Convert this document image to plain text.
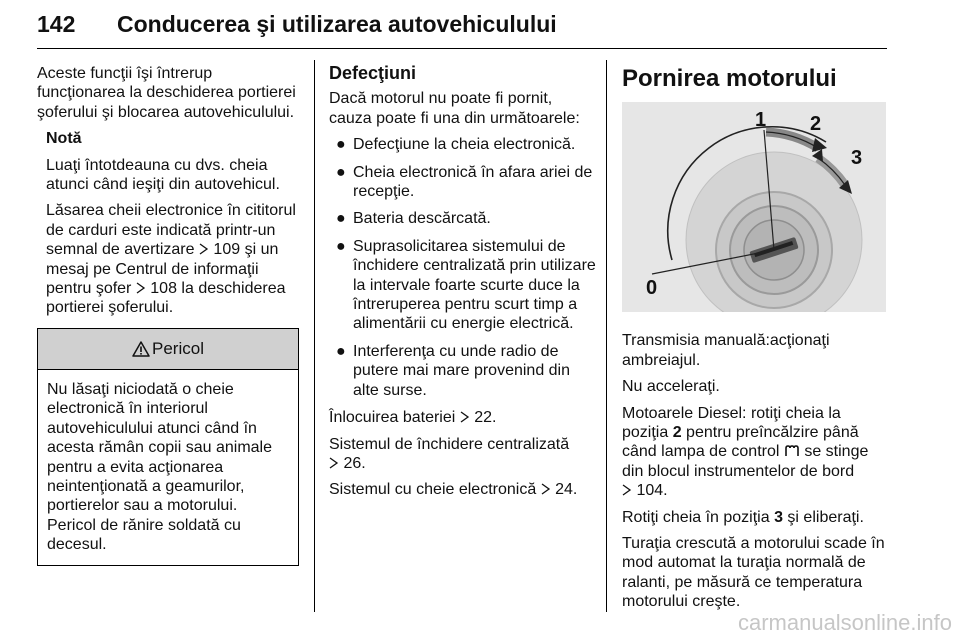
142 Conducerea şi utilizarea autovehiculului

Aceste funcţii îşi întrerup funcţionarea la deschiderea portierei şoferului şi blocarea autovehiculului.

Notă

Luaţi întotdeauna cu dvs. cheia atunci când ieşiţi din autovehicul.

Lăsarea cheii electronice în cititorul de carduri este indicată printr-un semnal de avertizare  109 şi un mesaj pe Centrul de informaţii pentru şofer  108 la deschiderea portierei şoferului.

Pericol
Nu lăsaţi niciodată o cheie electronică în interiorul autovehiculului atunci când în acesta rămân copii sau animale pentru a evita acţionarea neintenţionată a geamurilor, portierelor sau a motorului. Pericol de rănire soldată cu decesul.
Defecţiuni

Dacă motorul nu poate fi pornit, cauza poate fi una din următoarele:

● Defecţiune la cheia electronică.
● Cheia electronică în afara ariei de recepţie.
● Bateria descărcată.
● Suprasolicitarea sistemului de închidere centralizată prin utilizare la intervale foarte scurte duce la întreruperea pentru scurt timp a alimentării cu energie electrică.
● Interferenţa cu unde radio de putere mai mare provenind din alte surse.

Înlocuirea bateriei  22.

Sistemul de închidere centralizată
26.

Sistemul cu cheie electronică  24.

Pornirea motorului
1 2
3
0

Transmisia manuală:acţionaţi ambreiajul.

Nu acceleraţi.

Motoarele Diesel: rotiţi cheia la poziţia 2 pentru preîncălzire până când lampa de control  se stinge din blocul instrumentelor de bord
104.

Rotiţi cheia în poziţia 3 şi eliberaţi.

Turaţia crescută a motorului scade în mod automat la turaţia normală de ralanti, pe măsură ce temperatura motorului creşte.

carmanualsonline.info
